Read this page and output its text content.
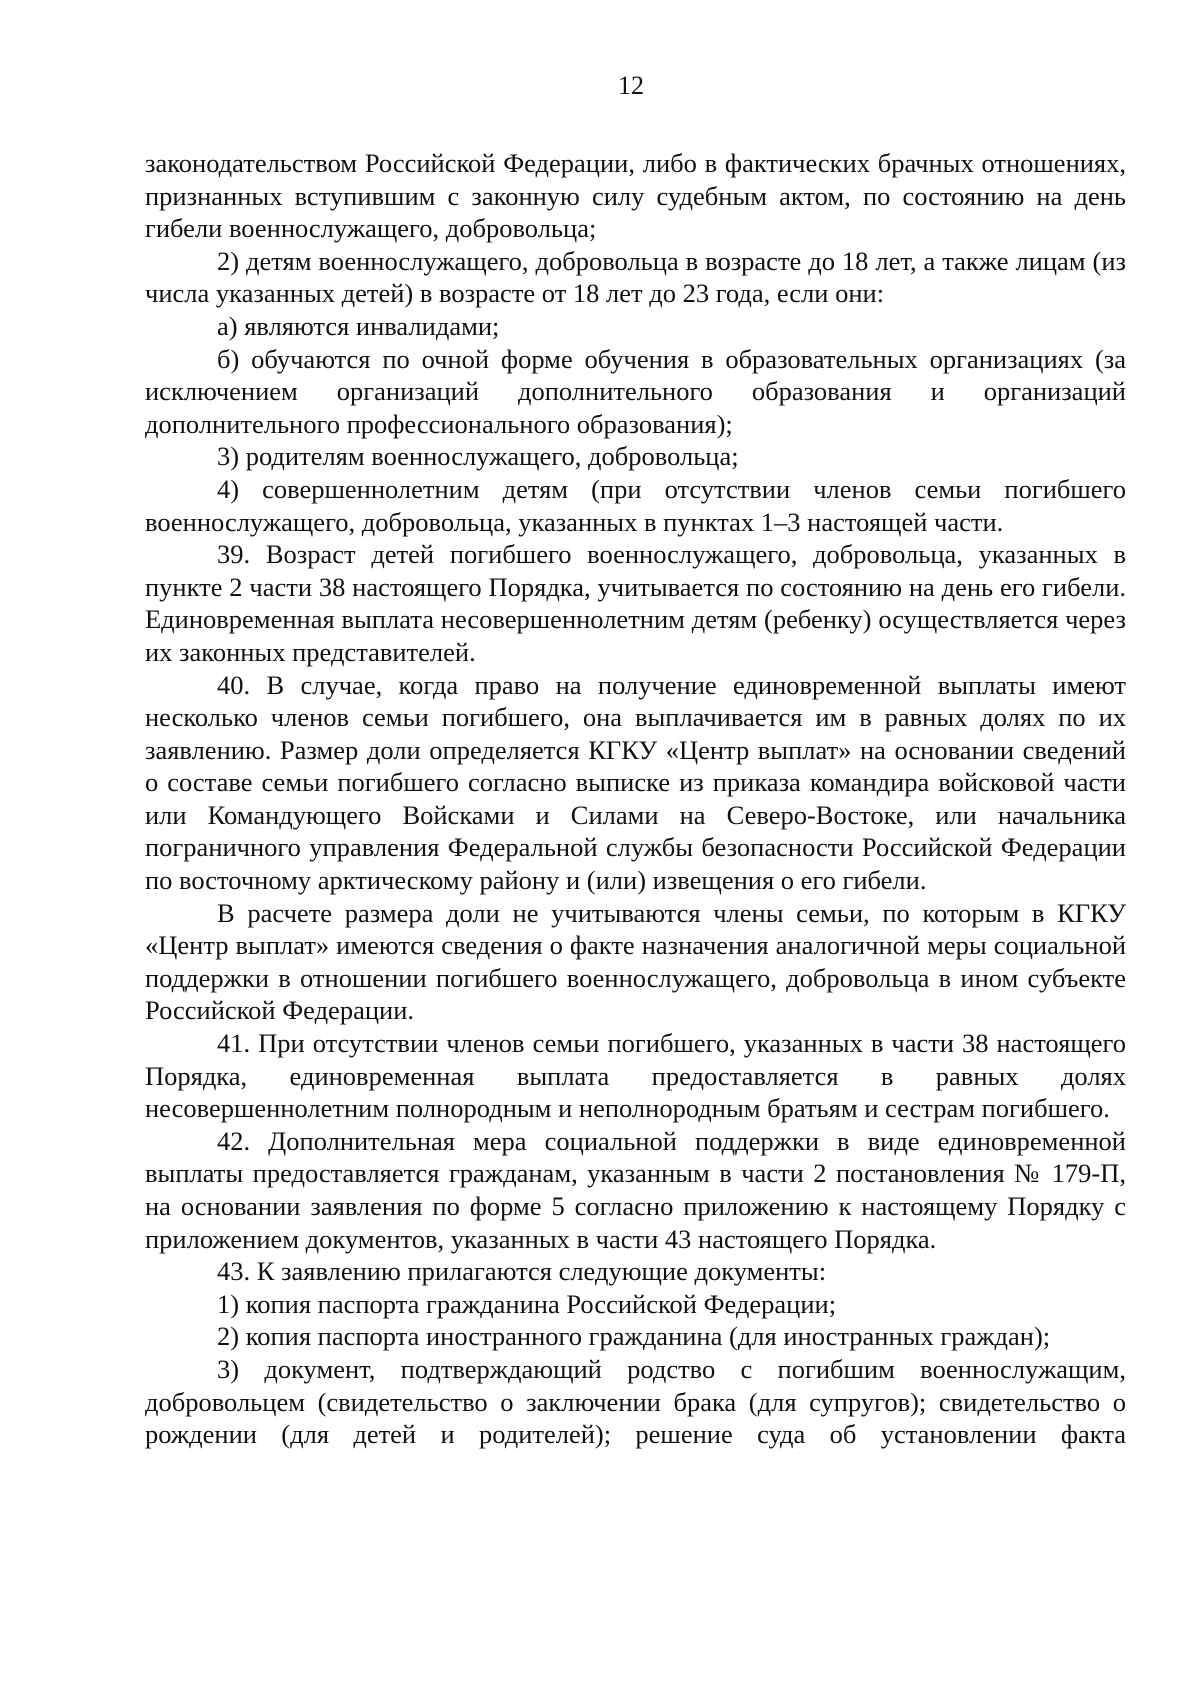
12

законодательством Российской Федерации, либо в фактических брачных отношениях, признанных вступившим с законную силу судебным актом, по состоянию на день гибели военнослужащего, добровольца;

2) детям военнослужащего, добровольца в возрасте до 18 лет, а также лицам (из числа указанных детей) в возрасте от 18 лет до 23 года, если они:

а) являются инвалидами;

б) обучаются по очной форме обучения в образовательных организациях (за исключением организаций дополнительного образования и организаций дополнительного профессионального образования);

3) родителям военнослужащего, добровольца;

4) совершеннолетним детям (при отсутствии членов семьи погибшего военнослужащего, добровольца, указанных в пунктах 1–3 настоящей части.

39. Возраст детей погибшего военнослужащего, добровольца, указанных в пункте 2 части 38 настоящего Порядка, учитывается по состоянию на день его гибели. Единовременная выплата несовершеннолетним детям (ребенку) осуществляется через их законных представителей.

40. В случае, когда право на получение единовременной выплаты имеют несколько членов семьи погибшего, она выплачивается им в равных долях по их заявлению. Размер доли определяется КГКУ «Центр выплат» на основании сведений о составе семьи погибшего согласно выписке из приказа командира войсковой части или Командующего Войсками и Силами на Северо-Востоке, или начальника пограничного управления Федеральной службы безопасности Российской Федерации по восточному арктическому району и (или) извещения о его гибели.

В расчете размера доли не учитываются члены семьи, по которым в КГКУ «Центр выплат» имеются сведения о факте назначения аналогичной меры социальной поддержки в отношении погибшего военнослужащего, добровольца в ином субъекте Российской Федерации.

41. При отсутствии членов семьи погибшего, указанных в части 38 настоящего Порядка, единовременная выплата предоставляется в равных долях несовершеннолетним полнородным и неполнородным братьям и сестрам погибшего.

42. Дополнительная мера социальной поддержки в виде единовременной выплаты предоставляется гражданам, указанным в части 2 постановления № 179-П, на основании заявления по форме 5 согласно приложению к настоящему Порядку с приложением документов, указанных в части 43 настоящего Порядка.

43. К заявлению прилагаются следующие документы:

1) копия паспорта гражданина Российской Федерации;

2) копия паспорта иностранного гражданина (для иностранных граждан);

3) документ, подтверждающий родство с погибшим военнослужащим, добровольцем (свидетельство о заключении брака (для супругов); свидетельство о рождении (для детей и родителей); решение суда об установлении факта
